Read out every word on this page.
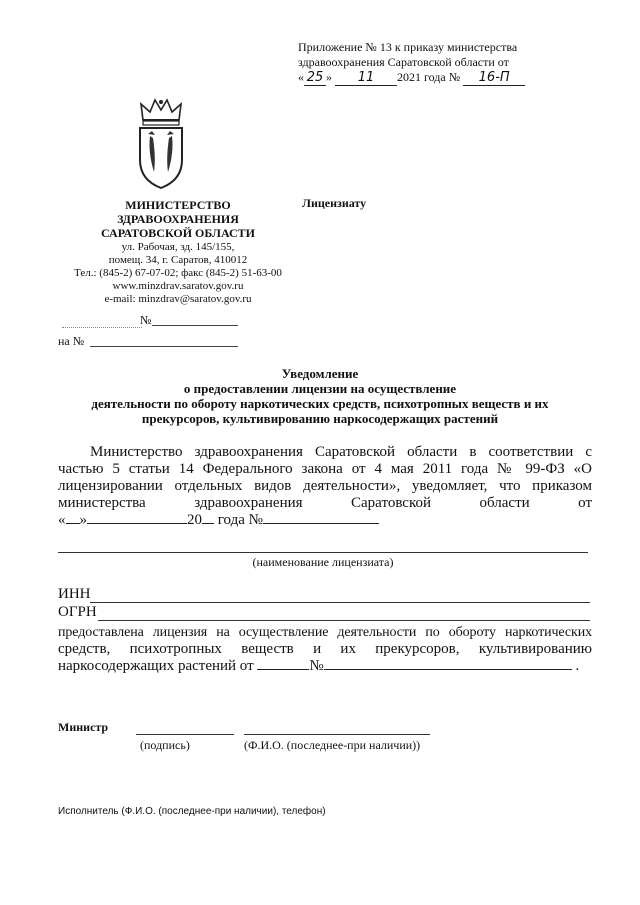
Приложение № 13 к приказу министерства
здравоохранения Саратовской области от
« 25 » 11 2021 года № 16-П
МИНИСТЕРСТВО
ЗДРАВООХРАНЕНИЯ
САРАТОВСКОЙ ОБЛАСТИ
ул. Рабочая, зд. 145/155,
помещ. 34, г. Саратов, 410012
Тел.: (845-2) 67-07-02; факс (845-2) 51-63-00
www.minzdrav.saratov.gov.ru
e-mail: minzdrav@saratov.gov.ru
Лицензиату
№
на №
Уведомление
о предоставлении лицензии на осуществление
деятельности по обороту наркотических средств, психотропных веществ и их
прекурсоров, культивированию наркосодержащих растений
Министерство здравоохранения Саратовской области в соответствии с
частью 5 статьи 14 Федерального закона от 4 мая 2011 года № 99-ФЗ «О
лицензировании отдельных видов деятельности», уведомляет, что приказом
министерства здравоохранения Саратовской области от
« »	20 года №
(наименование лицензиата)
ИНН
ОГРН
предоставлена лицензия на осуществление деятельности по обороту наркотических
средств, психотропных веществ и их прекурсоров, культивированию
наркосодержащих растений от	№	.
Министр
(подпись)	(Ф.И.О. (последнее-при наличии))
Исполнитель (Ф.И.О. (последнее-при наличии), телефон)
